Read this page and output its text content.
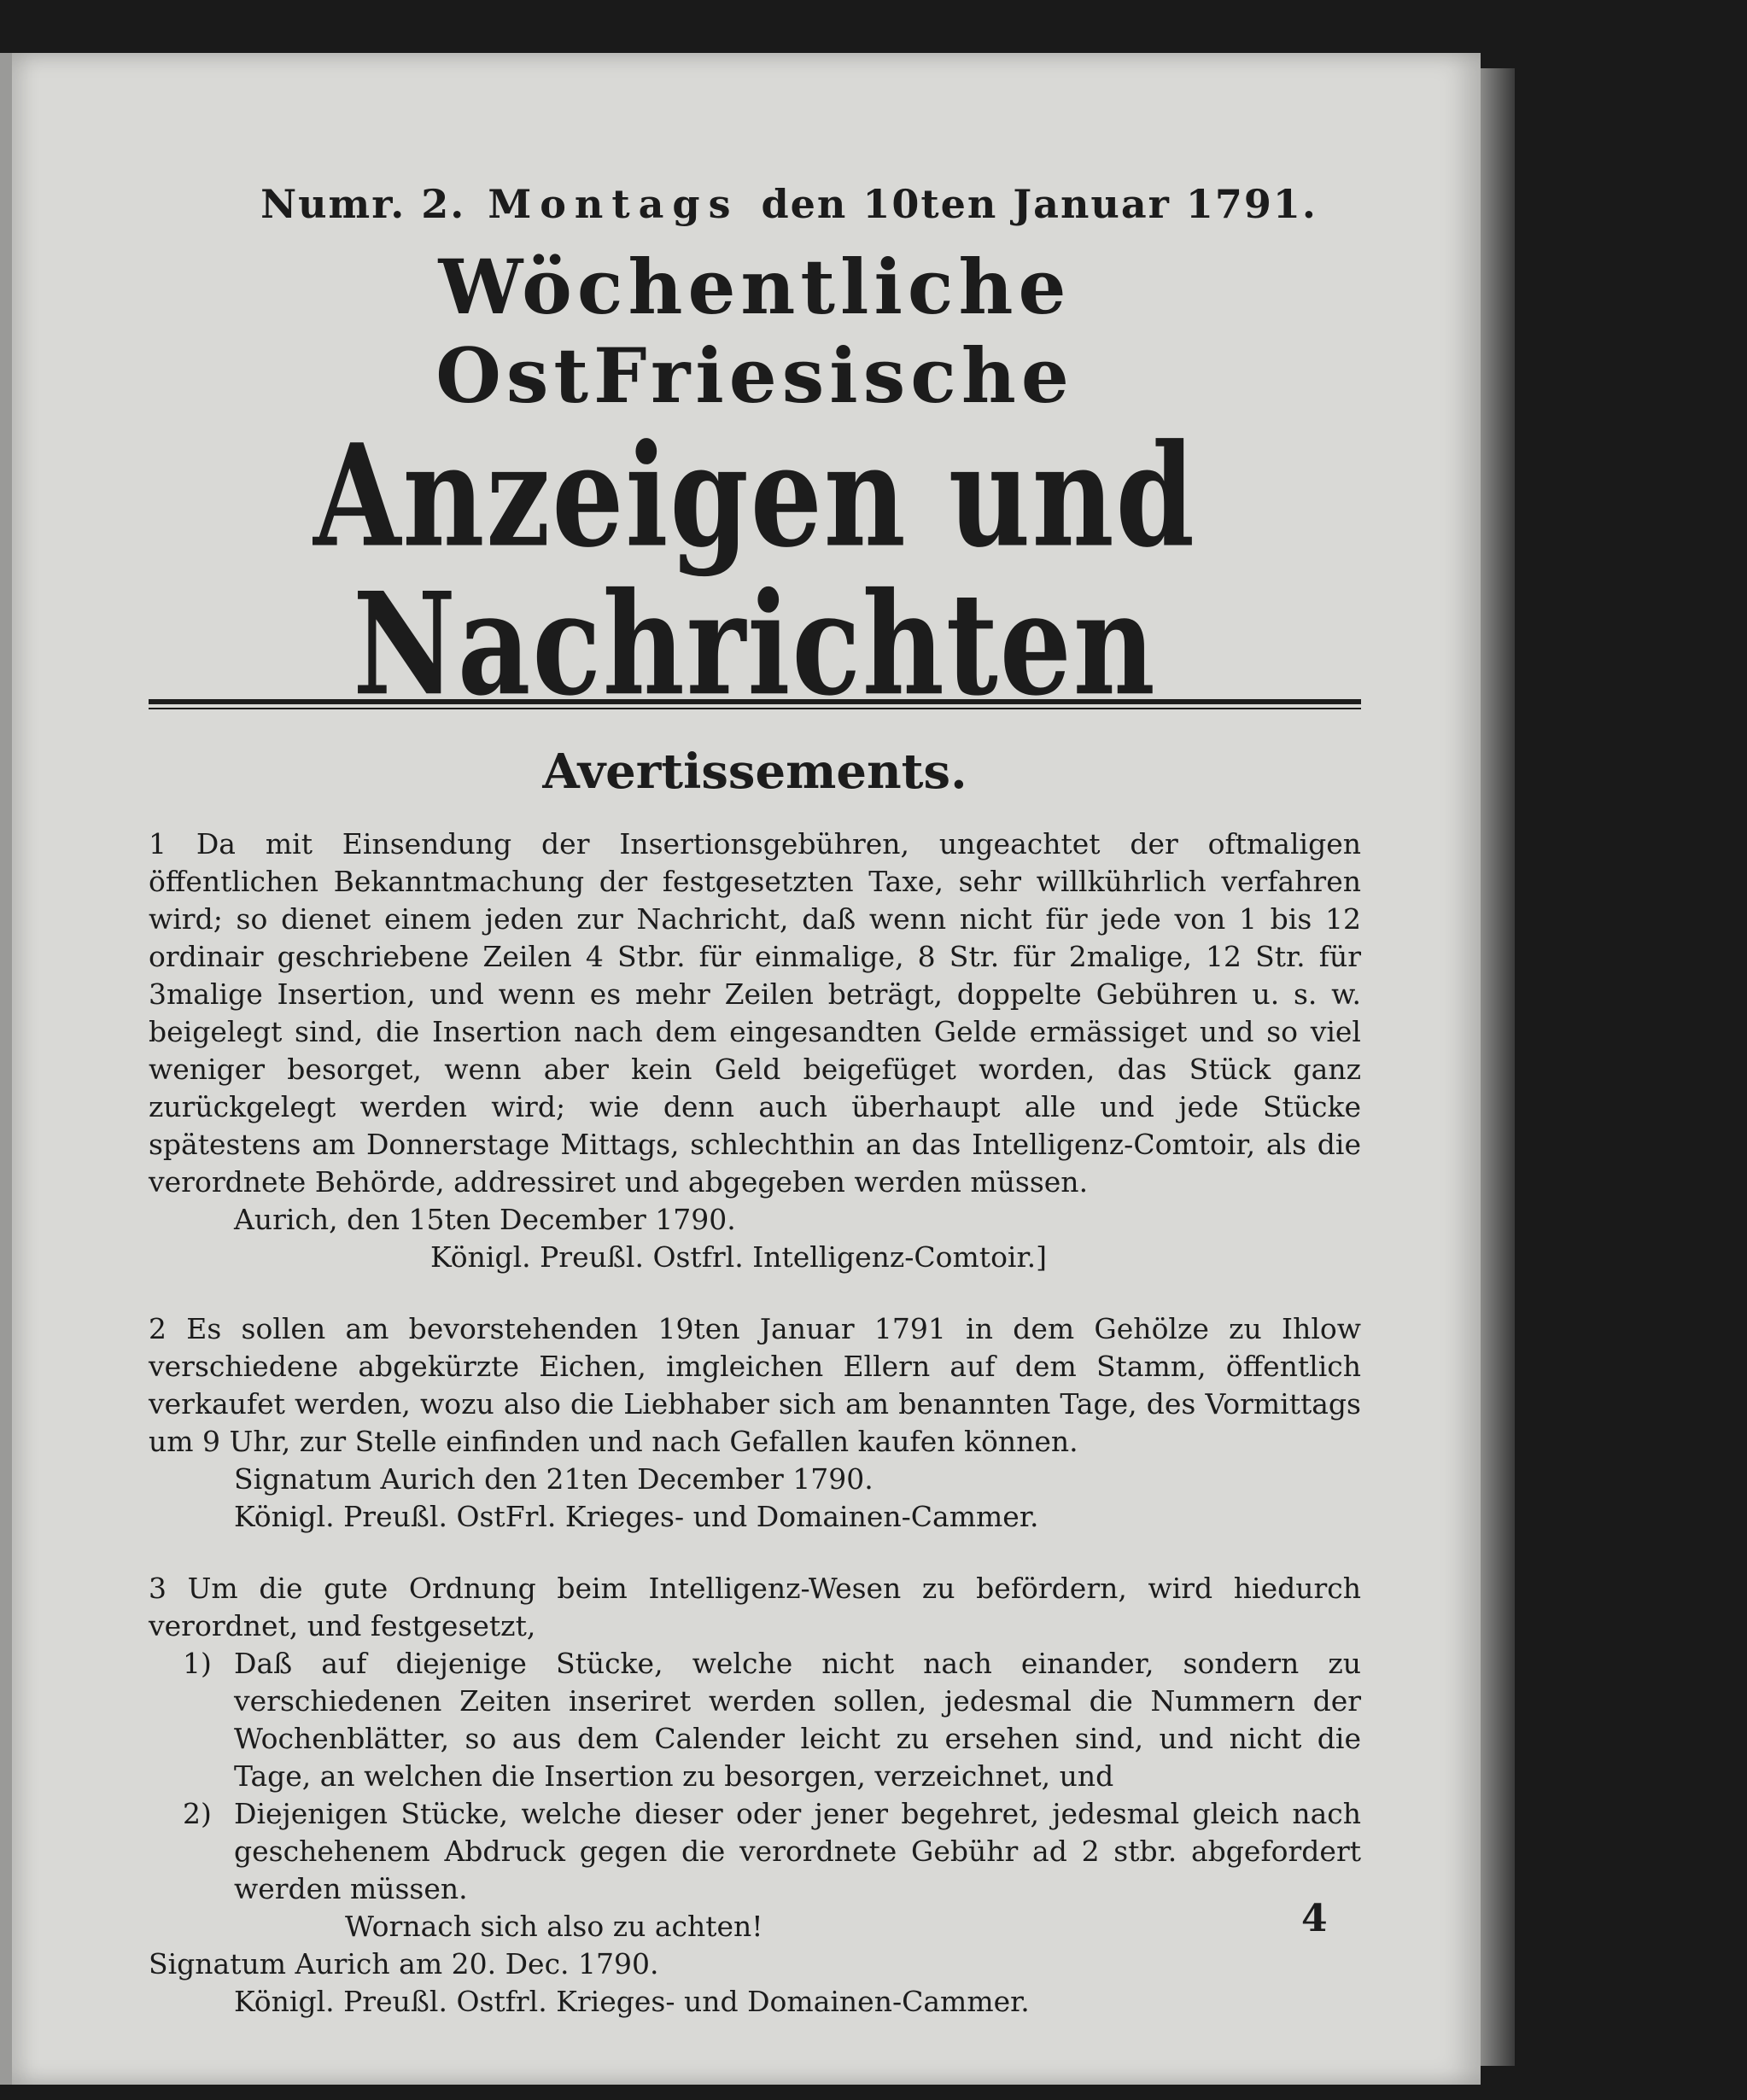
Numr. 2. Montags den 10ten Januar 1791.
Wöchentliche OstFriesische
Anzeigen und Nachrichten
Avertissements.
1 Da mit Einsendung der Insertionsgebühren, ungeachtet der oftmaligen öffentlichen Bekanntmachung der festgesetzten Taxe, sehr willkührlich verfahren wird; so dienet einem jeden zur Nachricht, daß wenn nicht für jede von 1 bis 12 ordinair geschriebene Zeilen 4 Stbr. für einmalige, 8 Str. für 2malige, 12 Str. für 3malige Insertion, und wenn es mehr Zeilen beträgt, doppelte Gebühren u. s. w. beigelegt sind, die Insertion nach dem eingesandten Gelde ermässiget und so viel weniger besorget, wenn aber kein Geld beigefüget worden, das Stück ganz zurückgelegt werden wird; wie denn auch überhaupt alle und jede Stücke spätestens am Donnerstage Mittags, schlechthin an das Intelligenz-Comtoir, als die verordnete Behörde, addressiret und abgegeben werden müssen.
Aurich, den 15ten December 1790.
Königl. Preußl. Ostfrl. Intelligenz-Comtoir.]
2 Es sollen am bevorstehenden 19ten Januar 1791 in dem Gehölze zu Ihlow verschiedene abgekürzte Eichen, imgleichen Ellern auf dem Stamm, öffentlich verkaufet werden, wozu also die Liebhaber sich am benannten Tage, des Vormittags um 9 Uhr, zur Stelle einfinden und nach Gefallen kaufen können.
Signatum Aurich den 21ten December 1790.
Königl. Preußl. OstFrl. Krieges- und Domainen-Cammer.
3 Um die gute Ordnung beim Intelligenz-Wesen zu befördern, wird hiedurch verordnet, und festgesetzt,
1) Daß auf diejenige Stücke, welche nicht nach einander, sondern zu verschiedenen Zeiten inseriret werden sollen, jedesmal die Nummern der Wochenblätter, so aus dem Calender leicht zu ersehen sind, und nicht die Tage, an welchen die Insertion zu besorgen, verzeichnet, und
2) Diejenigen Stücke, welche dieser oder jener begehret, jedesmal gleich nach geschehenem Abdruck gegen die verordnete Gebühr ad 2 stbr. abgefordert werden müssen.
Wornach sich also zu achten!
Signatum Aurich am 20. Dec. 1790.
Königl. Preußl. Ostfrl. Krieges- und Domainen-Cammer.
4
